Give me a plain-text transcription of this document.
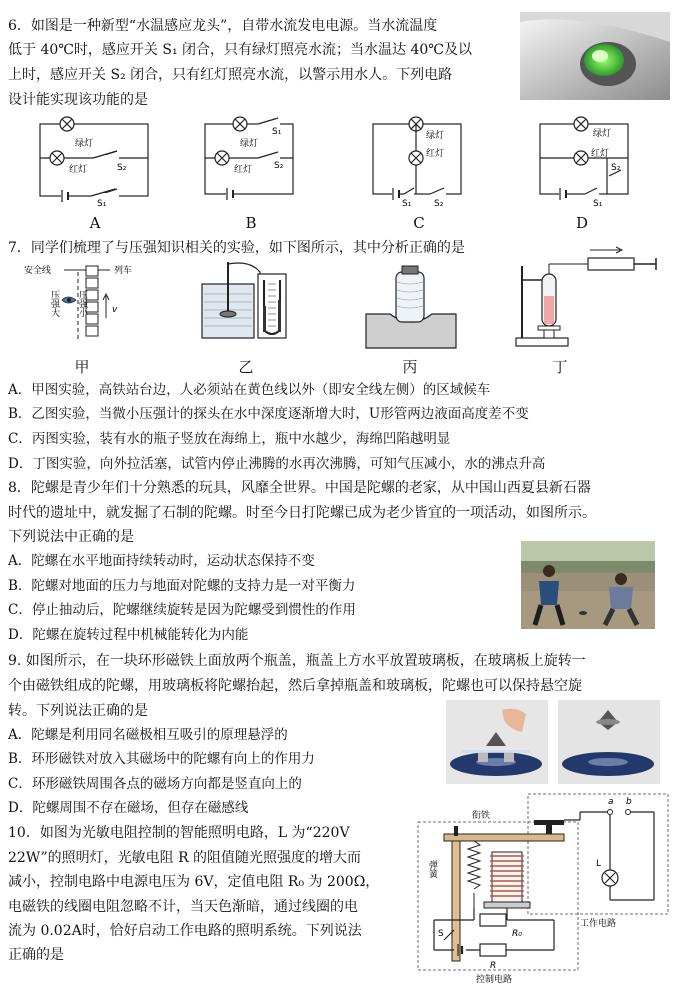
6．如图是一种新型“水温感应龙头”，自带水流发电电源。当水流温度
低于 40℃时，感应开关 S₁ 闭合，只有绿灯照亮水流；当水温达 40℃及以
上时，感应开关 S₂ 闭合，只有红灯照亮水流，以警示用水人。下列电路
设计能实现该功能的是
绿灯
红灯	S₂
S₁
S₁
绿灯
红灯 S₂
绿灯
红灯
S₁	S₂
绿灯
红灯
S₂
S₁
A	B	C	D
7．同学们梳理了与压强知识相关的实验，如下图所示，其中分析正确的是
安全线	列车
v
压强大 压强小
甲	乙	丙	丁
A．甲图实验，高铁站台边，人必须站在黄色线以外（即安全线左侧）的区域候车
B．乙图实验，当微小压强计的探头在水中深度逐渐增大时，U形管两边液面高度差不变
C．丙图实验，装有水的瓶子竖放在海绵上，瓶中水越少，海绵凹陷越明显
D．丁图实验，向外拉活塞，试管内停止沸腾的水再次沸腾，可知气压减小，水的沸点升高
8．陀螺是青少年们十分熟悉的玩具，风靡全世界。中国是陀螺的老家，从中国山西夏县新石器
时代的遗址中，就发掘了石制的陀螺。时至今日打陀螺已成为老少皆宜的一项活动，如图所示。
下列说法中正确的是
A．陀螺在水平地面持续转动时，运动状态保持不变
B．陀螺对地面的压力与地面对陀螺的支持力是一对平衡力
C．停止抽动后，陀螺继续旋转是因为陀螺受到惯性的作用
D．陀螺在旋转过程中机械能转化为内能
9. 如图所示，在一块环形磁铁上面放两个瓶盖，瓶盖上方水平放置玻璃板，在玻璃板上旋转一
个由磁铁组成的陀螺，用玻璃板将陀螺抬起，然后拿掉瓶盖和玻璃板，陀螺也可以保持悬空旋
转。下列说法正确的是
A．陀螺是利用同名磁极相互吸引的原理悬浮的
B．环形磁铁对放入其磁场中的陀螺有向上的作用力
C．环形磁铁周围各点的磁场方向都是竖直向上的
D．陀螺周围不存在磁场，但存在磁感线
10．如图为光敏电阻控制的智能照明电路，L 为“220V
22W”的照明灯，光敏电阻 R 的阻值随光照强度的增大而
减小，控制电路中电源电压为 6V，定值电阻 R₀ 为 200Ω，
电磁铁的线圈电阻忽略不计，当天色渐暗，通过线圈的电
流为 0.02A时，恰好启动工作电路的照明系统。下列说法
正确的是
衔铁
弹簧
a b
L
工作电路
S	R₀
R
控制电路
